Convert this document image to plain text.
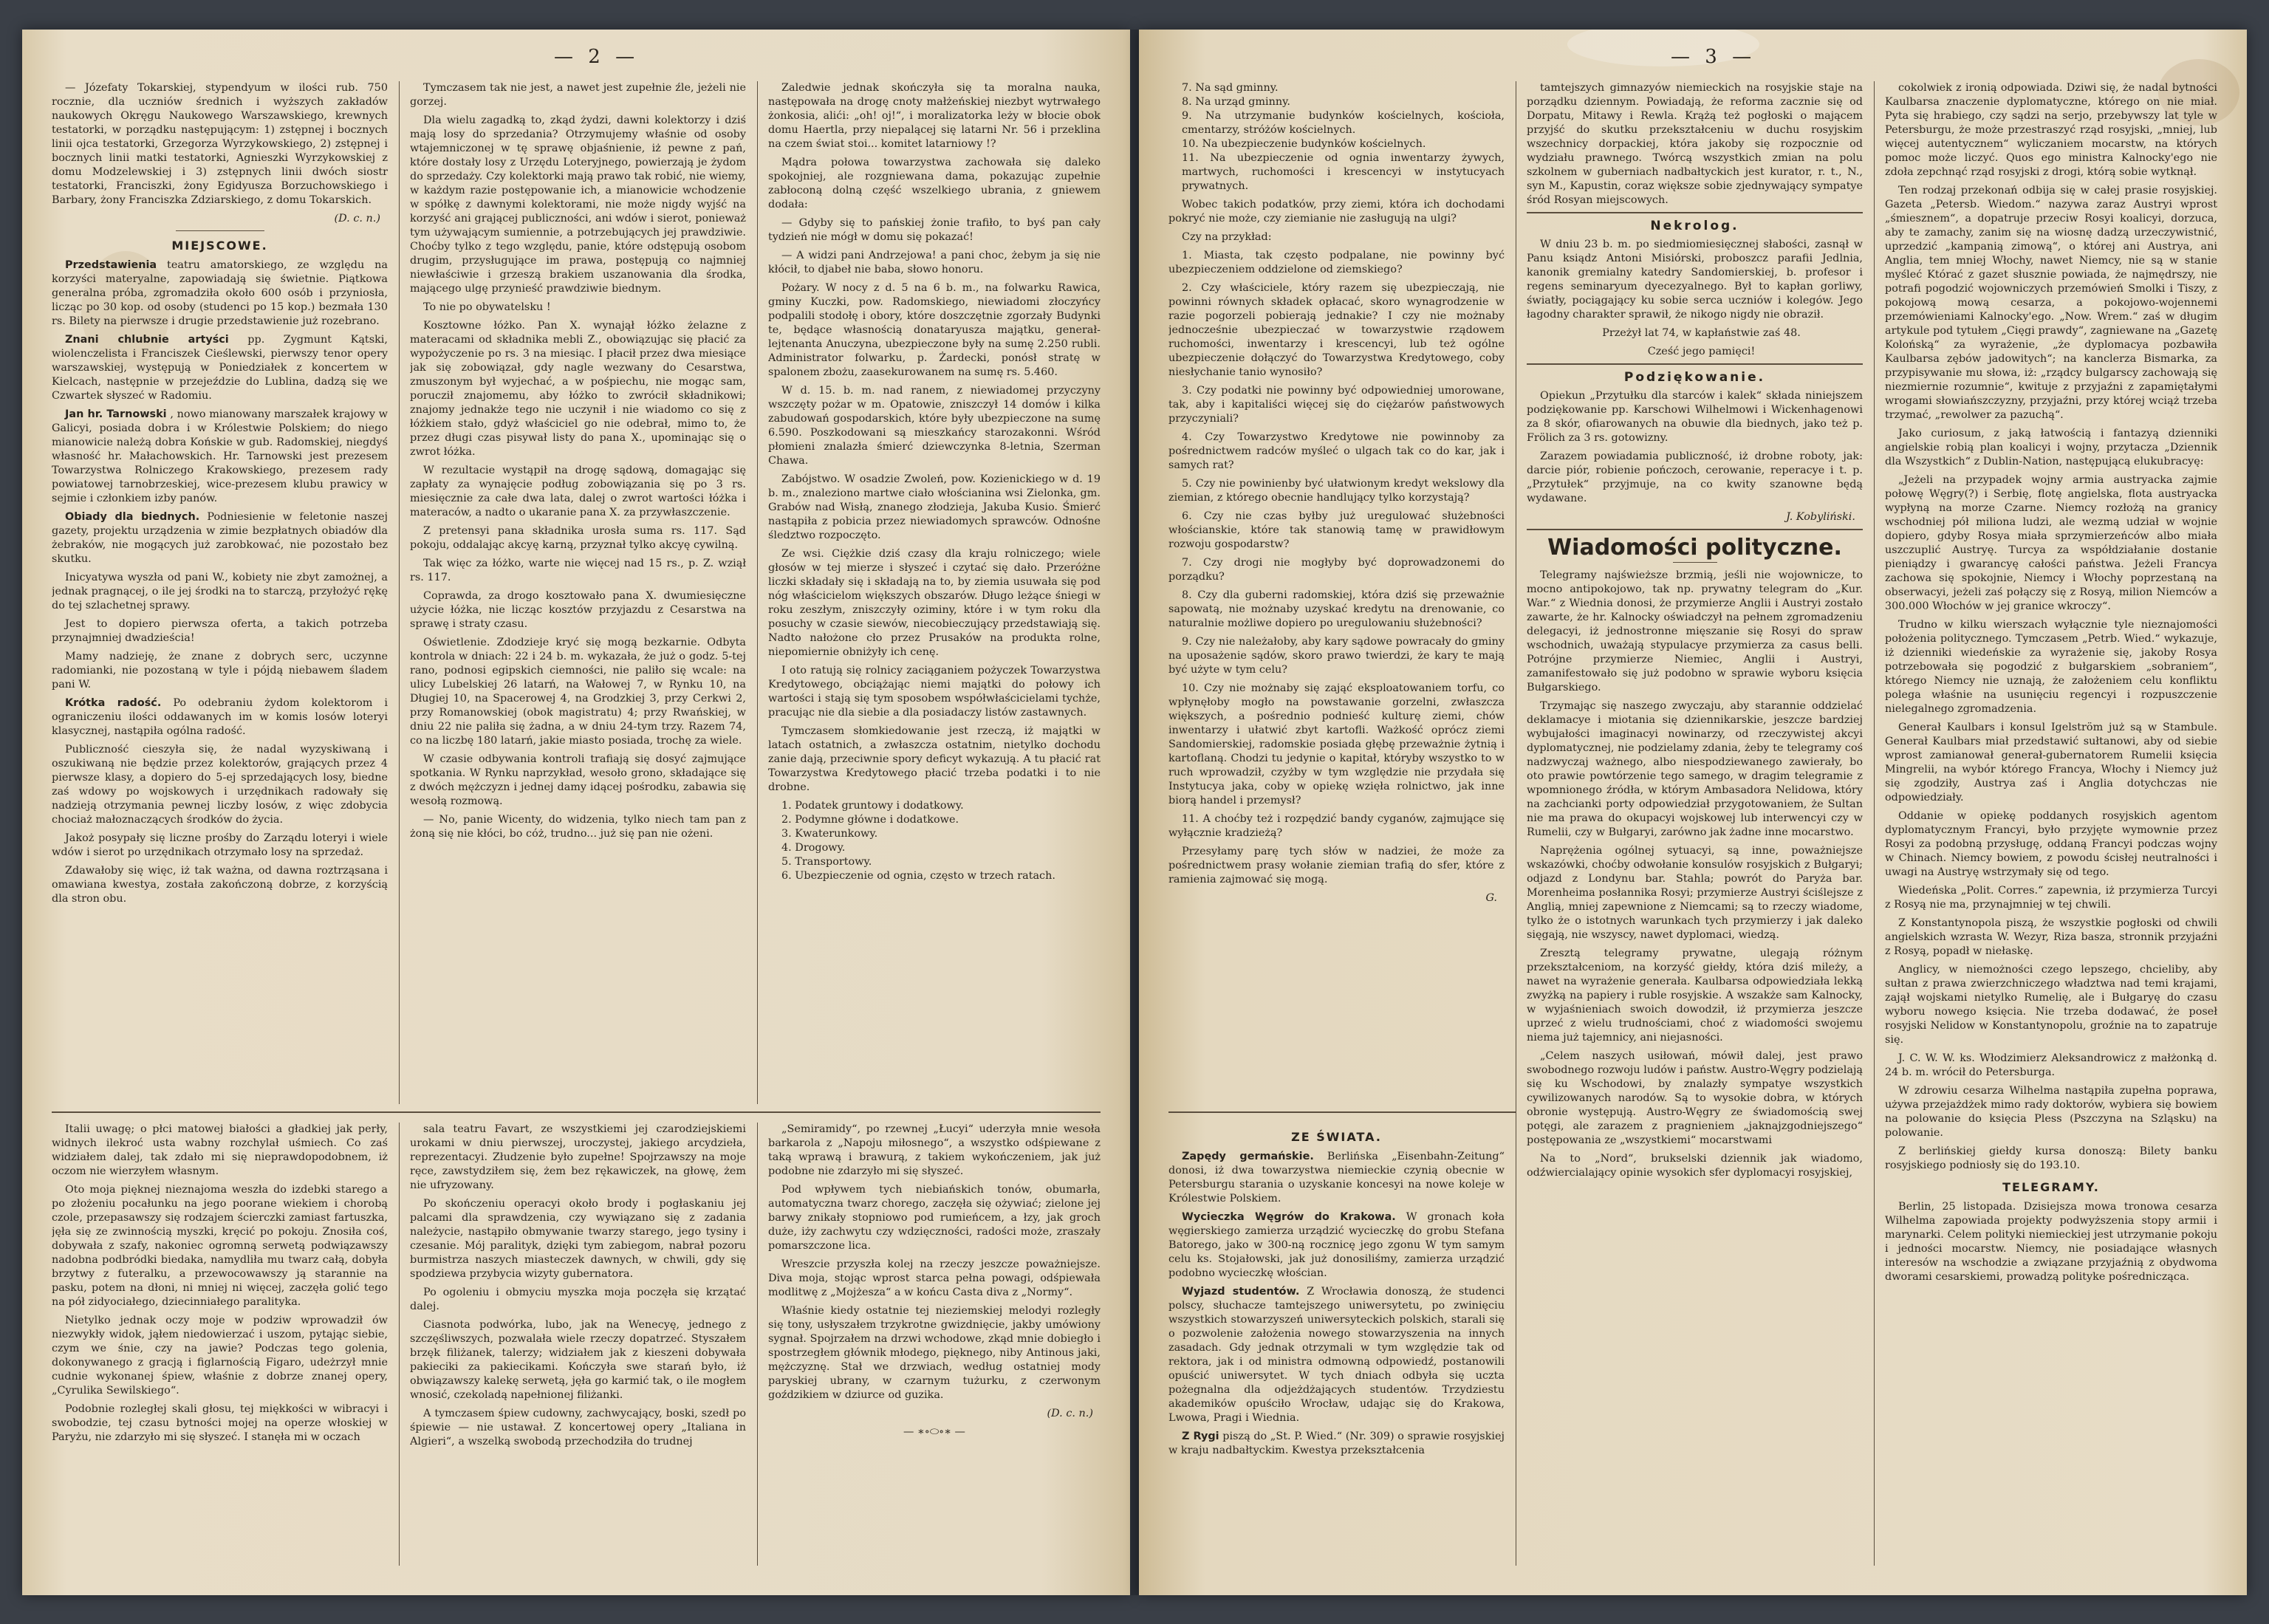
— 2 —

— Józefaty Tokarskiej, stypendyum w ilości rub. 750 rocznie, dla uczniów średnich i wyższych zakładów naukowych Okręgu Naukowego Warszawskiego, krewnych testatorki, w porządku następującym: 1) zstępnej i bocznych linii ojca testatorki, Grzegorza Wyrzykowskiego, 2) zstępnej i bocznych linii matki testatorki, Agnieszki Wyrzykowskiej z domu Modzelewskiej i 3) zstępnych linii dwóch siostr testatorki, Franciszki, żony Egidyusza Borzuchowskiego i Barbary, żony Franciszka Zdziarskiego, z domu Tokarskich.

(D. c. n.)
MIEJSCOWE.

Przedstawienia teatru amatorskiego, ze względu na korzyści materyalne, zapowiadają się świetnie. Piątkowa generalna próba, zgromadziła około 600 osób i przyniosła, licząc po 30 kop. od osoby (studenci po 15 kop.) bezmała 130 rs. Bilety na pierwsze i drugie przedstawienie już rozebrano.

Znani chlubnie artyści pp. Zygmunt Kątski, wiolenczelista i Franciszek Cieślewski, pierwszy tenor opery warszawskiej, występują w Poniedziałek z koncertem w Kielcach, następnie w przejeździe do Lublina, dadzą się we Czwartek słyszeć w Radomiu.

Jan hr. Tarnowski , nowo mianowany marszałek krajowy w Galicyi, posiada dobra i w Królestwie Polskiem; do niego mianowicie należą dobra Końskie w gub. Radomskiej, niegdyś własność hr. Małachowskich. Hr. Tarnowski jest prezesem Towarzystwa Rolniczego Krakowskiego, prezesem rady powiatowej tarnobrzeskiej, wice-prezesem klubu prawicy w sejmie i członkiem izby panów.

Obiady dla biednych. Podniesienie w feletonie naszej gazety, projektu urządzenia w zimie bezpłatnych obiadów dla żebraków, nie mogących już zarobkować, nie pozostało bez skutku.

Inicyatywa wyszła od pani W., kobiety nie zbyt zamożnej, a jednak pragnącej, o ile jej środki na to starczą, przyłożyć rękę do tej szlachetnej sprawy.

Jest to dopiero pierwsza oferta, a takich potrzeba przynajmniej dwadzieścia!

Mamy nadzieję, że znane z dobrych serc, uczynne radomianki, nie pozostaną w tyle i pójdą niebawem śladem pani W.

Krótka radość. Po odebraniu żydom kolektorom i ograniczeniu ilości oddawanych im w komis losów loteryi klasycznej, nastąpiła ogólna radość.

Publiczność cieszyła się, że nadal wyzyskiwaną i oszukiwaną nie będzie przez kolektorów, grających przez 4 pierwsze klasy, a dopiero do 5-ej sprzedających losy, biedne zaś wdowy po wojskowych i urzędnikach radowały się nadzieją otrzymania pewnej liczby losów, z więc zdobycia chociaż małoznaczących środków do życia.

Jakoż posypały się liczne prośby do Zarządu loteryi i wiele wdów i sierot po urzędnikach otrzymało losy na sprzedaż.

Zdawałoby się więc, iż tak ważna, od dawna roztrząsana i omawiana kwestya, została zakończoną dobrze, z korzyścią dla stron obu.

Tymczasem tak nie jest, a nawet jest zupełnie źle, jeżeli nie gorzej.

Dla wielu zagadką to, zkąd żydzi, dawni kolektorzy i dziś mają losy do sprzedania? Otrzymujemy właśnie od osoby wtajemniczonej w tę sprawę objaśnienie, iż pewne z pań, które dostały losy z Urzędu Loteryjnego, powierzają je żydom do sprzedaży. Czy kolektorki mają prawo tak robić, nie wiemy, w każdym razie postępowanie ich, a mianowicie wchodzenie w spółkę z dawnymi kolektorami, nie może nigdy wyjść na korzyść ani grającej publiczności, ani wdów i sierot, ponieważ tym używającym sumiennie, a potrzebujących jej prawdziwie. Choćby tylko z tego względu, panie, które odstępują osobom drugim, przysługujące im prawa, postępują co najmniej niewłaściwie i grzeszą brakiem uszanowania dla środka, mającego ulgę przynieść prawdziwie biednym.

To nie po obywatelsku !

Kosztowne łóżko. Pan X. wynajął łóżko żelazne z materacami od składnika mebli Z., obowiązując się płacić za wypożyczenie po rs. 3 na miesiąc. I płacił przez dwa miesiące jak się zobowiązał, gdy nagle wezwany do Cesarstwa, zmuszonym był wyjechać, a w pośpiechu, nie mogąc sam, porucził znajomemu, aby łóżko to zwrócił składnikowi; znajomy jednakże tego nie uczynił i nie wiadomo co się z łóżkiem stało, gdyż właściciel go nie odebrał, mimo to, że przez długi czas pisywał listy do pana X., upominając się o zwrot łóżka.

W rezultacie wystąpił na drogę sądową, domagając się zapłaty za wynajęcie podług zobowiązania się po 3 rs. miesięcznie za całe dwa lata, dalej o zwrot wartości łóżka i materaców, a nadto o ukaranie pana X. za przywłaszczenie.

Z pretensyi pana składnika urosła suma rs. 117. Sąd pokoju, oddalając akcyę karną, przyznał tylko akcyę cywilną.

Tak więc za łóżko, warte nie więcej nad 15 rs., p. Z. wziął rs. 117.

Coprawda, za drogo kosztowało pana X. dwumiesięczne użycie łóżka, nie licząc kosztów przyjazdu z Cesarstwa na sprawę i straty czasu.

Oświetlenie. Zdodzieje kryć się mogą bezkarnie. Odbyta kontrola w dniach: 22 i 24 b. m. wykazała, że już o godz. 5-tej rano, podnosi egipskich ciemności, nie paliło się wcale: na ulicy Lubelskiej 26 latarń, na Wałowej 7, w Rynku 10, na Długiej 10, na Spacerowej 4, na Grodzkiej 3, przy Cerkwi 2, przy Romanowskiej (obok magistratu) 4; przy Rwańskiej, w dniu 22 nie paliła się żadna, a w dniu 24-tym trzy. Razem 74, co na liczbę 180 latarń, jakie miasto posiada, trochę za wiele.

W czasie odbywania kontroli trafiają się dosyć zajmujące spotkania. W Rynku naprzykład, wesoło grono, składające się z dwóch mężczyzn i jednej damy idącej pośrodku, zabawia się wesołą rozmową.

— No, panie Wicenty, do widzenia, tylko niech tam pan z żoną się nie kłóci, bo cóż, trudno... już się pan nie ożeni.

Zaledwie jednak skończyła się ta moralna nauka, następowała na drogę cnoty małżeńskiej niezbyt wytrwałego żonkosia, alići: „oh! oj!“, i moralizatorka leży w błocie obok domu Haertla, przy niepalącej się latarni Nr. 56 i przeklina na czem świat stoi... komitet latarniowy !?

Mądra połowa towarzystwa zachowała się daleko spokojniej, ale rozgniewana dama, pokazując zupełnie zabłoconą dolną część wszelkiego ubrania, z gniewem dodała:

— Gdyby się to pańskiej żonie trafiło, to byś pan cały tydzień nie mógł w domu się pokazać!

— A widzi pani Andrzejowa! a pani choc, żebym ja się nie kłócił, to djabeł nie baba, słowo honoru.

Pożary. W nocy z d. 5 na 6 b. m., na folwarku Rawica, gminy Kuczki, pow. Radomskiego, niewiadomi złoczyńcy podpalili stodołę i obory, które doszczętnie zgorzały Budynki te, będące własnością donataryusza majątku, generał-lejtenanta Anuczyna, ubezpieczone były na sumę 2.250 rubli. Administrator folwarku, p. Żardecki, ponósł stratę w spalonem zbożu, zaasekurowanem na sumę rs. 5.460.

W d. 15. b. m. nad ranem, z niewiadomej przyczyny wszczęty pożar w m. Opatowie, zniszczył 14 domów i kilka zabudowań gospodarskich, które były ubezpieczone na sumę 6.590. Poszkodowani są mieszkańcy starozakonni. Wśród płomieni znalazła śmierć dziewczynka 8-letnia, Szerman Chawa.

Zabójstwo. W osadzie Zwoleń, pow. Kozienickiego w d. 19 b. m., znaleziono martwe ciało włościanina wsi Zielonka, gm. Grabów nad Wisłą, znanego złodzieja, Jakuba Kusio. Śmierć nastąpiła z pobicia przez niewiadomych sprawców. Odnośne śledztwo rozpoczęto.

Ze wsi. Ciężkie dziś czasy dla kraju rolniczego; wiele głosów w tej mierze i słyszeć i czytać się dało. Przeróżne liczki składały się i składają na to, by ziemia usuwała się pod nóg właścicielom większych obszarów. Długo leżące śniegi w roku zeszłym, zniszczyły oziminy, które i w tym roku dla posuchy w czasie siewów, niecobieczujący przedstawiają się. Nadto nałożone cło przez Prusaków na produkta rolne, niepomiernie obniżyły ich cenę.

I oto ratują się rolnicy zaciąganiem pożyczek Towarzystwa Kredytowego, obciążając niemi majątki do połowy ich wartości i stają się tym sposobem współwłaścicielami tychże, pracując nie dla siebie a dla posiadaczy listów zastawnych.

Tymczasem słomkiedowanie jest rzeczą, iż majątki w latach ostatnich, a zwłaszcza ostatnim, nietylko dochodu zanie dają, przeciwnie spory deficyt wykazują. A tu płacić rat Towarzystwa Kredytowego płacić trzeba podatki i to nie drobne.

1. Podatek gruntowy i dodatkowy.
2. Podymne główne i dodatkowe.
3. Kwaterunkowy.
4. Drogowy.
5. Transportowy.
6. Ubezpieczenie od ognia, często w trzech ratach.

Italii uwagę; o płci matowej białości a gładkiej jak perły, widnych ilekroć usta wabny rozchylał uśmiech. Co zaś widziałem dalej, tak zdało mi się nieprawdopodobnem, iż oczom nie wierzyłem własnym.

Oto moja pięknej nieznajoma weszła do izdebki starego a po złożeniu pocałunku na jego poorane wiekiem i chorobą czole, przepasawszy się rodzajem ścierczki zamiast fartuszka, jęła się ze zwinnością myszki, kręcić po pokoju. Znosiła coś, dobywała z szafy, nakoniec ogromną serwetą podwiązawszy nadobna podbródki biedaka, namydliła mu twarz całą, dobyła brzytwy z futeralku, a przewocowawszy ją starannie na pasku, potem na dłoni, ni mniej ni więcej, zaczęła golić tego na pół zidyociałego, dziecinniałego paralityka.

Nietylko jednak oczy moje w podziw wprowadził ów niezwykły widok, jąłem niedowierzać i uszom, pytając siebie, czym we śnie, czy na jawie? Podczas tego golenia, dokonywanego z gracją i figlarnością Figaro, udeżrzył mnie cudnie wykonanej śpiew, właśnie z dobrze znanej opery, „Cyrulika Sewilskiego“.

Podobnie rozległej skali głosu, tej miękkości w wibracyi i swobodzie, tej czasu bytności mojej na operze włoskiej w Paryżu, nie zdarzyło mi się słyszeć. I stanęła mi w oczach

sala teatru Favart, ze wszystkiemi jej czarodziejskiemi urokami w dniu pierwszej, uroczystej, jakiego arcydzieła, reprezentacyi. Złudzenie było zupełne! Spojrzawszy na moje ręce, zawstydziłem się, żem bez rękawiczek, na głowę, żem nie ufryzowany.

Po skończeniu operacyi około brody i pogłaskaniu jej palcami dla sprawdzenia, czy wywiązano się z zadania należycie, nastąpiło obmywanie twarzy starego, jego tysiny i czesanie. Mój paralityk, dzięki tym zabiegom, nabrał pozoru burmistrza naszych miasteczek dawnych, w chwili, gdy się spodziewa przybycia wizyty gubernatora.

Po ogoleniu i obmyciu myszka moja poczęła się krzątać dalej.

Ciasnota podwórka, lubo, jak na Wenecyę, jednego z szczęśliwszych, pozwalała wiele rzeczy dopatrzeć. Styszałem brzęk filiżanek, talerzy; widziałem jak z kieszeni dobywała pakieciki za pakiecikami. Kończyła swe starań było, iż obwiązawszy kalekę serwetą, jęła go karmić tak, o ile mogłem wnosić, czekoladą napełnionej filiżanki.

A tymczasem śpiew cudowny, zachwycający, boski, szedł po śpiewie — nie ustawał. Z koncertowej opery „Italiana in Algieri“, a wszelką swobodą przechodziła do trudnej

„Semiramidy“, po rzewnej „Łucyi“ uderzyła mnie wesoła barkarola z „Napoju miłosnego“, a wszystko odśpiewane z taką wprawą i brawurą, z takiem wykończeniem, jak już podobne nie zdarzyło mi się słyszeć.

Pod wpływem tych niebiańskich tonów, obumarła, automatyczna twarz chorego, zaczęła się ożywiać; zielone jej barwy znikały stopniowo pod rumieńcem, a łzy, jak groch duże, iży zachwytu czy wdzięczności, radości może, zraszały pomarszczone lica.

Wreszcie przyszła kolej na rzeczy jeszcze poważniejsze. Diva moja, stojąc wprost starca pełna powagi, odśpiewała modlitwę z „Mojżesza“ a w końcu Casta diva z „Normy“.

Właśnie kiedy ostatnie tej nieziemskiej melodyi rozległy się tony, usłyszałem trzykrotne gwizdnięcie, jakby umówiony sygnał. Spojrzałem na drzwi wchodowe, zkąd mnie dobiegło i spostrzegłem głównik młodego, pięknego, niby Antinous jaki, mężczyznę. Stał we drzwiach, według ostatniej mody paryskiej ubrany, w czarnym tużurku, z czerwonym goździkiem w dziurce od guzika.

(D. c. n.)
— ∗∘⬭∘∗ —
— 3 —
7. Na sąd gminny.
8. Na urząd gminny.
9. Na utrzymanie budynków kościelnych, kościoła, cmentarzy, stróżów kościelnych.
10. Na ubezpieczenie budynków kościelnych.
11. Na ubezpieczenie od ognia inwentarzy żywych, martwych, ruchomości i krescencyi w instytucyach prywatnych.

Wobec takich podatków, przy ziemi, która ich dochodami pokryć nie może, czy ziemianie nie zasługują na ulgi?

Czy na przykład:

1. Miasta, tak często podpalane, nie powinny być ubezpieczeniem oddzielone od ziemskiego?

2. Czy właściciele, który razem się ubezpieczają, nie powinni równych składek opłacać, skoro wynagrodzenie w razie pogorzeli pobierają jednakie? I czy nie możnaby jednocześnie ubezpieczać w towarzystwie rządowem ruchomości, inwentarzy i krescencyi, lub też ogólne ubezpieczenie dołączyć do Towarzystwa Kredytowego, coby niesłychanie tanio wynosiło?

3. Czy podatki nie powinny być odpowiedniej umorowane, tak, aby i kapitaliści więcej się do ciężarów państwowych przyczyniali?

4. Czy Towarzystwo Kredytowe nie powinnoby za pośrednictwem radców myśleć o ulgach tak co do kar, jak i samych rat?

5. Czy nie powinienby być ułatwionym kredyt wekslowy dla ziemian, z którego obecnie handlujący tylko korzystają?

6. Czy nie czas byłby już uregulować służebności włościanskie, które tak stanowią tamę w prawidłowym rozwoju gospodarstw?

7. Czy drogi nie mogłyby być doprowadzonemi do porządku?

8. Czy dla guberni radomskiej, która dziś się przeważnie sapowatą, nie możnaby uzyskać kredytu na drenowanie, co naturalnie możliwe dopiero po uregulowaniu służebności?

9. Czy nie należałoby, aby kary sądowe powracały do gminy na uposażenie sądów, skoro prawo twierdzi, że kary te mają być użyte w tym celu?

10. Czy nie możnaby się zająć eksploatowaniem torfu, co wpłynęłoby mogło na powstawanie gorzelni, zwłaszcza większych, a pośrednio podnieść kulturę ziemi, chów inwentarzy i ułatwić zbyt kartofli. Ważkość oprócz ziemi Sandomierskiej, radomskie posiada głębę przeważnie żytnią i kartoflaną. Chodzi tu jedynie o kapitał, któryby wszystko to w ruch wprowadził, czyżby w tym względzie nie przydała się Instytucya jaka, coby w opiekę wzięła rolnictwo, jak inne biorą handel i przemysł?

11. A choćby też i rozpędzić bandy cyganów, zajmujące się wyłącznie kradzieżą?

Przesyłamy parę tych słów w nadziei, że może za pośrednictwem prasy wołanie ziemian trafią do sfer, które z ramienia zajmować się mogą.

G.

tamtejszych gimnazyów niemieckich na rosyjskie staje na porządku dziennym. Powiadają, że reforma zacznie się od Dorpatu, Mitawy i Rewla. Krążą też pogłoski o mającem przyjść do skutku przekształceniu w duchu rosyjskim wszechnicy dorpackiej, która jakoby się rozpocznie od wydziału prawnego. Twórcą wszystkich zmian na polu szkolnem w guberniach nadbałtyckich jest kurator, r. t., N., syn M., Kapustin, coraz większe sobie zjednywający sympatye śród Rosyan miejscowych.

Nekrolog.

W dniu 23 b. m. po siedmiomiesięcznej słabości, zasnął w Panu ksiądz Antoni Misiórski, proboszcz parafii Jedlnia, kanonik gremialny katedry Sandomierskiej, b. profesor i regens seminaryum dyecezyalnego. Był to kapłan gorliwy, światły, pociągający ku sobie serca uczniów i kolegów. Jego łagodny charakter sprawił, że nikogo nigdy nie obraził.

Przeżył lat 74, w kapłaństwie zaś 48.

Cześć jego pamięci!

Podziękowanie.

Opiekun „Przytułku dla starców i kalek“ składa niniejszem podziękowanie pp. Karschowi Wilhelmowi i Wickenhagenowi za 8 skór, ofiarowanych na obuwie dla biednych, jako też p. Frölich za 3 rs. gotowizny.

Zarazem powiadamia publiczność, iż drobne roboty, jak: darcie piór, robienie pończoch, cerowanie, reperacye i t. p. „Przytułek“ przyjmuje, na co kwity szanowne będą wydawane.

J. Kobyliński.
Wiadomości polityczne.

Telegramy najświeższe brzmią, jeśli nie wojownicze, to mocno antipokojowo, tak np. prywatny telegram do „Kur. War.“ z Wiednia donosi, że przymierze Anglii i Austryi zostało zawarte, że hr. Kalnocky oświadczył na pełnem zgromadzeniu delegacyi, iż jednostronne mięszanie się Rosyi do spraw wschodnich, uważają stypulacye przymierza za casus belli. Potrójne przymierze Niemiec, Anglii i Austryi, zamanifestowało się już podobno w sprawie wyboru księcia Bułgarskiego.

Trzymając się naszego zwyczaju, aby starannie oddzielać deklamacye i miotania się dziennikarskie, jeszcze bardziej wybujałości imaginacyi nowinarzy, od rzeczywistej akcyi dyplomatycznej, nie podzielamy zdania, żeby te telegramy coś nadzwyczaj ważnego, albo niespodziewanego zawierały, bo oto prawie powtórzenie tego samego, w dragim telegramie z wpomnionego źródła, w którym Ambasadora Nelidowa, który na zachcianki porty odpowiedział przygotowaniem, że Sultan nie ma prawa do okupacyi wojskowej lub interwencyi czy w Rumelii, czy w Bułgaryi, zarówno jak żadne inne mocarstwo.

Naprężenia ogólnej sytuacyi, są inne, poważniejsze wskazówki, choćby odwołanie konsulów rosyjskich z Bułgaryi; odjazd z Londynu bar. Stahla; powrót do Paryża bar. Morenheima posłannika Rosyi; przymierze Austryi ściślejsze z Anglią, mniej zapewnione z Niemcami; są to rzeczy wiadome, tylko że o istotnych warunkach tych przymierzy i jak daleko sięgają, nie wszyscy, nawet dyplomaci, wiedzą.

Zresztą telegramy prywatne, ulegają różnym przekształceniom, na korzyść giełdy, która dziś mileży, a nawet na wyrażenie generała. Kaulbarsa odpowiedziała lekką zwyżką na papiery i ruble rosyjskie. A wszakże sam Kalnocky, w wyjaśnieniach swoich dowodził, iż przymierza jeszcze uprzeć z wielu trudnościami, choć z wiadomości swojemu niema już tajemnicy, ani niejasności.

„Celem naszych usiłowań, mówił dalej, jest prawo swobodnego rozwoju ludów i państw. Austro-Węgry podzielają się ku Wschodowi, by znalazły sympatye wszystkich cywilizowanych narodów. Są to wysokie dobra, w których obronie występują. Austro-Węgry ze świadomością swej potęgi, ale zarazem z pragnieniem „jaknajzgodniejszego“ postępowania ze „wszystkiemi“ mocarstwami

Na to „Nord“, brukselski dziennik jak wiadomo, odźwiercialający opinie wysokich sfer dyplomacyi rosyjskiej,

cokolwiek z ironią odpowiada. Dziwi się, że nadal bytności Kaulbarsa znaczenie dyplomatyczne, którego on nie miał. Pyta się hrabiego, czy sądzi na serjo, przebywszy lat tyle w Petersburgu, że może przestraszyć rząd rosyjski, „mniej, lub więcej autentycznem“ wyliczaniem mocarstw, na których pomoc może liczyć. Quos ego ministra Kalnocky'ego nie zdoła zepchnąć rząd rosyjski z drogi, którą sobie wytknął.

Ten rodzaj przekonań odbija się w całej prasie rosyjskiej. Gazeta „Petersb. Wiedom.“ nazywa zaraz Austryi wprost „śmiesznem“, a dopatruje przeciw Rosyi koalicyi, dorzuca, aby te zamachy, zanim się na wiosnę dadzą urzeczywistnić, uprzedzić „kampanią zimową“, o której ani Austrya, ani Anglia, tem mniej Włochy, nawet Niemcy, nie są w stanie myśleć Którać z gazet słusznie powiada, że najmędrszy, nie potrafi pogodzić wojowniczych przemówień Smolki i Tiszy, z pokojową mową cesarza, a pokojowo-wojennemi przemówieniami Kalnocky'ego. „Now. Wrem.“ zaś w długim artykule pod tytułem „Cięgi prawdy“, zagniewane na „Gazetę Kolońską“ za wyrażenie, „że dyplomacya pozbawiła Kaulbarsa zębów jadowitych“; na kanclerza Bismarka, za przypisywanie mu słowa, iż: „rządcy bulgarscy zachowają się niezmiernie rozumnie“, kwituje z przyjaźni z zapamiętałymi wrogami słowiańszczyzny, przyjaźni, przy której wciąż trzeba trzymać, „rewolwer za pazuchą“.

Jako curiosum, z jaką łatwością i fantazyą dzienniki angielskie robią plan koalicyi i wojny, przytacza „Dziennik dla Wszystkich“ z Dublin-Nation, następującą elukubracyę:

„Jeżeli na przypadek wojny armia austryacka zajmie połowę Węgry(?) i Serbię, flotę angielska, flota austryacka wypłyną na morze Czarne. Niemcy rozłożą na granicy wschodniej pół miliona ludzi, ale wezmą udział w wojnie dopiero, gdyby Rosya miała sprzymierzeńców albo miała uszczuplić Austryę. Turcya za współdziałanie dostanie pieniądzy i gwarancyę całości państwa. Jeżeli Francya zachowa się spokojnie, Niemcy i Włochy poprzestaną na obserwacyi, jeżeli zaś połączy się z Rosyą, milion Niemców a 300.000 Włochów w jej granice wkroczy“.

Trudno w kilku wierszach wyłącznie tyle nieznajomości położenia politycznego. Tymczasem „Petrb. Wied.“ wykazuje, iż dzienniki wiedeńskie za wyrażenie się, jakoby Rosya potrzebowała się pogodzić z bułgarskiem „sobraniem“, którego Niemcy nie uznają, że założeniem celu konfliktu polega właśnie na usunięciu regencyi i rozpuszczenie nielegalnego zgromadzenia.

Generał Kaulbars i konsul Igelström już są w Stambule. Generał Kaulbars miał przedstawić sułtanowi, aby od siebie wprost zamianował generał-gubernatorem Rumelii księcia Mingrelii, na wybór którego Francya, Włochy i Niemcy już się zgodziły, Austrya zaś i Anglia dotychczas nie odpowiedziały.

Oddanie w opiekę poddanych rosyjskich agentom dyplomatycznym Francyi, było przyjęte wymownie przez Rosyi za podobną przysługę, oddaną Francyi podczas wojny w Chinach. Niemcy bowiem, z powodu ścisłej neutralności i uwagi na Austryę wstrzymały się od tego.

Wiedeńska „Polit. Corres.“ zapewnia, iż przymierza Turcyi z Rosyą nie ma, przynajmniej w tej chwili.

Z Konstantynopola piszą, że wszystkie pogłoski od chwili angielskich wzrasta W. Wezyr, Riza basza, stronnik przyjaźni z Rosyą, popadł w niełaskę.

Anglicy, w niemożności czego lepszego, chcieliby, aby sułtan z prawa zwierzchniczego władztwa nad temi krajami, zajął wojskami nietylko Rumelię, ale i Bułgaryę do czasu wyboru nowego księcia. Nie trzeba dodawać, że poseł rosyjski Nelidow w Konstantynopolu, groźnie na to zapatruje się.

J. C. W. W. ks. Włodzimierz Aleksandrowicz z małżonką d. 24 b. m. wrócił do Petersburga.

W zdrowiu cesarza Wilhelma nastąpiła zupełna poprawa, używa przejażdżek mimo rady doktorów, wybiera się bowiem na polowanie do księcia Pless (Pszczyna na Szląsku) na polowanie.

Z berlińskiej giełdy kursa donoszą: Bilety banku rosyjskiego podniosły się do 193.10.

TELEGRAMY.

Berlin, 25 listopada. Dzisiejsza mowa tronowa cesarza Wilhelma zapowiada projekty podwyższenia stopy armii i marynarki. Celem polityki niemieckiej jest utrzymanie pokoju i jedności mocarstw. Niemcy, nie posiadające własnych interesów na wschodzie a związane przyjaźnią z obydwoma dworami cesarskiemi, prowadzą polityke pośrednicząca.

ZE ŚWIATA.

Zapędy germańskie. Berlińska „Eisenbahn-Zeitung“ donosi, iż dwa towarzystwa niemieckie czynią obecnie w Petersburgu starania o uzyskanie koncesyi na nowe koleje w Królestwie Polskiem.

Wycieczka Węgrów do Krakowa. W gronach koła węgierskiego zamierza urządzić wycieczkę do grobu Stefana Batorego, jako w 300-ną rocznicę jego zgonu W tym samym celu ks. Stojałowski, jak już donosiliśmy, zamierza urządzić podobno wycieczkę włościan.

Wyjazd studentów. Z Wrocławia donoszą, że studenci polscy, słuchacze tamtejszego uniwersytetu, po zwinięciu wszystkich stowarzyszeń uniwersyteckich polskich, starali się o pozwolenie założenia nowego stowarzyszenia na innych zasadach. Gdy jednak otrzymali w tym względzie tak od rektora, jak i od ministra odmowną odpowiedź, postanowili opuścić uniwersytet. W tych dniach odbyła się uczta pożegnalna dla odjeżdżających studentów. Trzydziestu akademików opuściło Wrocław, udając się do Krakowa, Lwowa, Pragi i Wiednia.

Z Rygi piszą do „St. P. Wied.“ (Nr. 309) o sprawie rosyjskiej w kraju nadbałtyckim. Kwestya przekształcenia
